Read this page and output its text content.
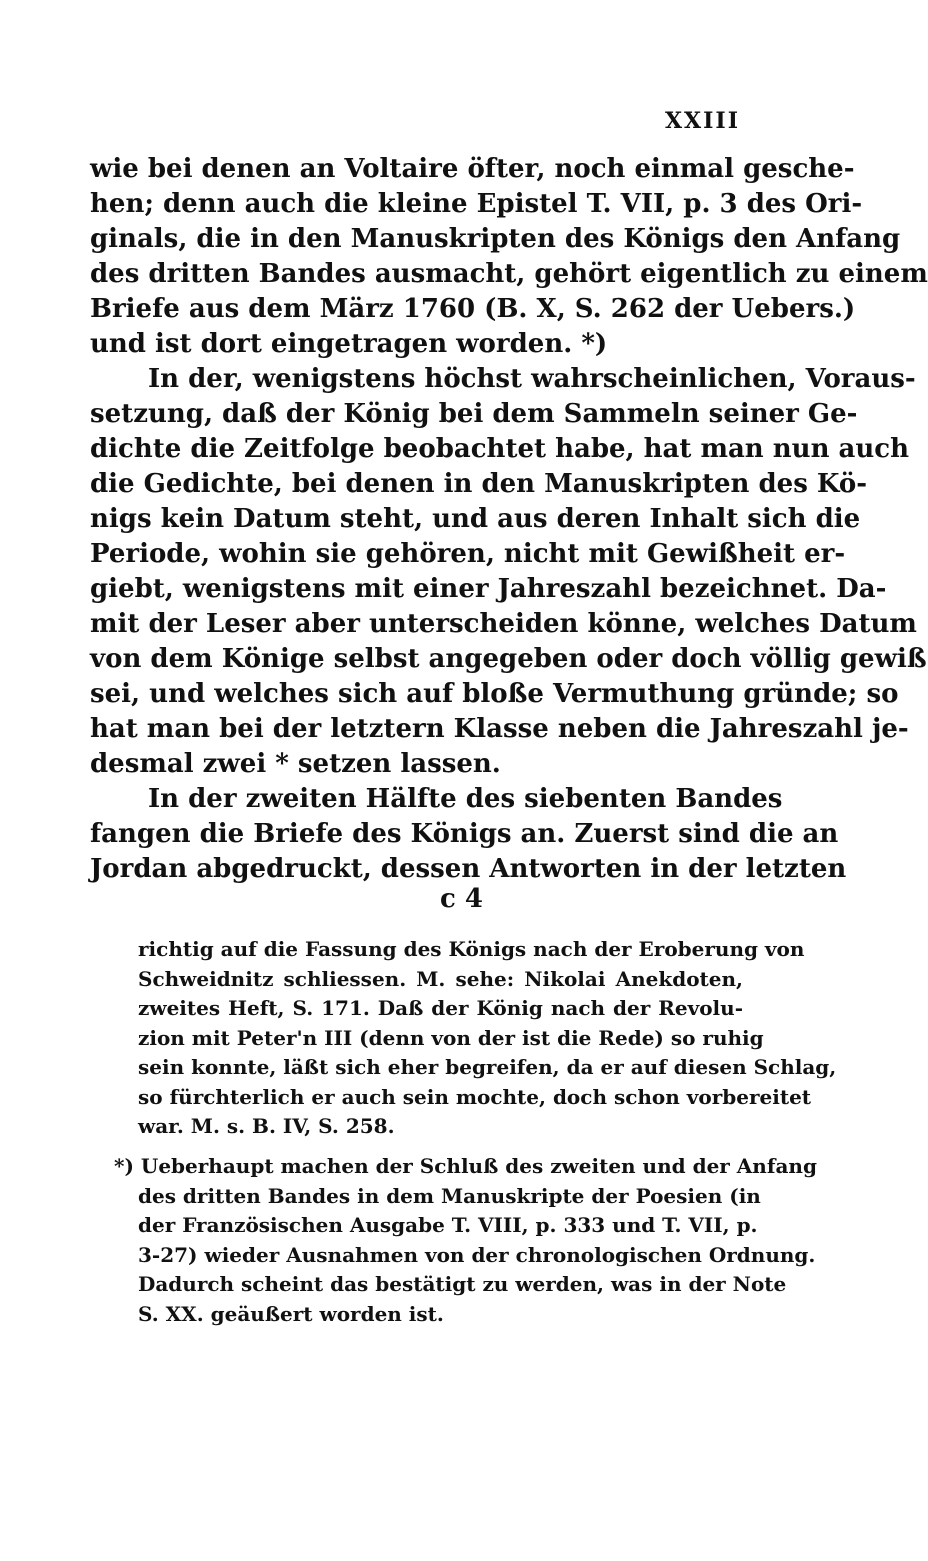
XXIII
wie bei denen an Voltaire öfter, noch einmal gesche-
hen; denn auch die kleine Epistel T. VII, p. 3 des Ori-
ginals, die in den Manuskripten des Königs den Anfang
des dritten Bandes ausmacht, gehört eigentlich zu einem
Briefe aus dem März 1760 (B. X, S. 262 der Uebers.)
und ist dort eingetragen worden. *)
In der, wenigstens höchst wahrscheinlichen, Voraus-
setzung, daß der König bei dem Sammeln seiner Ge-
dichte die Zeitfolge beobachtet habe, hat man nun auch
die Gedichte, bei denen in den Manuskripten des Kö-
nigs kein Datum steht, und aus deren Inhalt sich die
Periode, wohin sie gehören, nicht mit Gewißheit er-
giebt, wenigstens mit einer Jahreszahl bezeichnet. Da-
mit der Leser aber unterscheiden könne, welches Datum
von dem Könige selbst angegeben oder doch völlig gewiß
sei, und welches sich auf bloße Vermuthung gründe; so
hat man bei der letztern Klasse neben die Jahreszahl je-
desmal zwei * setzen lassen.
In der zweiten Hälfte des siebenten Bandes
fangen die Briefe des Königs an. Zuerst sind die an
Jordan abgedruckt, dessen Antworten in der letzten
c 4
richtig auf die Fassung des Königs nach der Eroberung von
Schweidnitz schliessen. M. sehe: Nikolai Anekdoten,
zweites Heft, S. 171. Daß der König nach der Revolu-
zion mit Peter'n III (denn von der ist die Rede) so ruhig
sein konnte, läßt sich eher begreifen, da er auf diesen Schlag,
so fürchterlich er auch sein mochte, doch schon vorbereitet
war. M. s. B. IV, S. 258.
*) Ueberhaupt machen der Schluß des zweiten und der Anfang
des dritten Bandes in dem Manuskripte der Poesien (in
der Französischen Ausgabe T. VIII, p. 333 und T. VII, p.
3-27) wieder Ausnahmen von der chronologischen Ordnung.
Dadurch scheint das bestätigt zu werden, was in der Note
S. XX. geäußert worden ist.
